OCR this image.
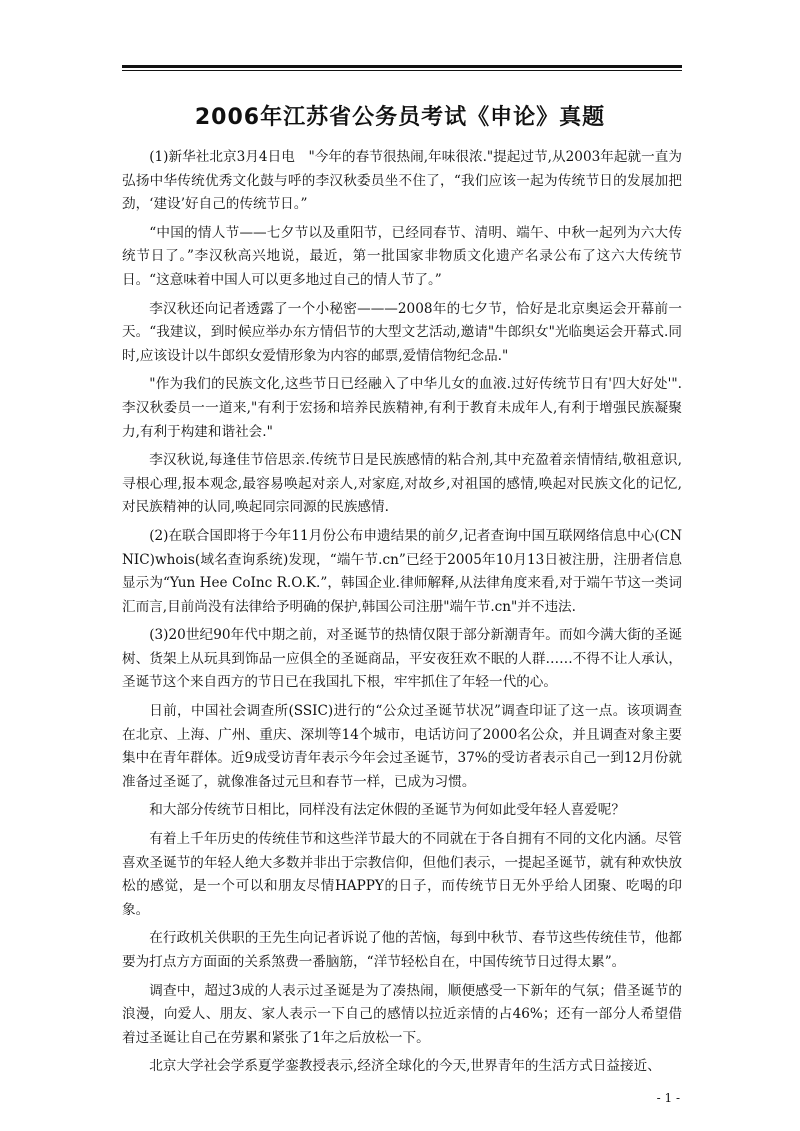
2006年江苏省公务员考试《申论》真题

(1)新华社北京3月4日电　"今年的春节很热闹,年味很浓."提起过节,从2003年起就一直为弘扬中华传统优秀文化鼓与呼的李汉秋委员坐不住了，“我们应该一起为传统节日的发展加把劲，‘建设’好自己的传统节日。”

“中国的情人节——七夕节以及重阳节，已经同春节、清明、端午、中秋一起列为六大传统节日了。”李汉秋高兴地说，最近，第一批国家非物质文化遗产名录公布了这六大传统节日。“这意味着中国人可以更多地过自己的情人节了。”

李汉秋还向记者透露了一个小秘密———2008年的七夕节，恰好是北京奥运会开幕前一天。“我建议，到时候应举办东方情侣节的大型文艺活动,邀请"牛郎织女"光临奥运会开幕式.同时,应该设计以牛郎织女爱情形象为内容的邮票,爱情信物纪念品."

"作为我们的民族文化,这些节日已经融入了中华儿女的血液.过好传统节日有'四大好处'".李汉秋委员一一道来,"有利于宏扬和培养民族精神,有利于教育未成年人,有利于增强民族凝聚力,有利于构建和谐社会."

李汉秋说,每逢佳节倍思亲.传统节日是民族感情的粘合剂,其中充盈着亲情情结,敬祖意识,寻根心理,报本观念,最容易唤起对亲人,对家庭,对故乡,对祖国的感情,唤起对民族文化的记忆,对民族精神的认同,唤起同宗同源的民族感情.

(2)在联合国即将于今年11月份公布申遗结果的前夕,记者查询中国互联网络信息中心(CNNIC)whois(域名查询系统)发现，“端午节.cn”已经于2005年10月13日被注册，注册者信息显示为“Yun Hee CoInc R.O.K.”，韩国企业.律师解释,从法律角度来看,对于端午节这一类词汇而言,目前尚没有法律给予明确的保护,韩国公司注册"端午节.cn"并不违法.

(3)20世纪90年代中期之前，对圣诞节的热情仅限于部分新潮青年。而如今满大街的圣诞树、货架上从玩具到饰品一应俱全的圣诞商品，平安夜狂欢不眠的人群……不得不让人承认，圣诞节这个来自西方的节日已在我国扎下根，牢牢抓住了年轻一代的心。

日前，中国社会调查所(SSIC)进行的“公众过圣诞节状况”调查印证了这一点。该项调查在北京、上海、广州、重庆、深圳等14个城市，电话访问了2000名公众，并且调查对象主要集中在青年群体。近9成受访青年表示今年会过圣诞节，37%的受访者表示自己一到12月份就准备过圣诞了，就像准备过元旦和春节一样，已成为习惯。

和大部分传统节日相比，同样没有法定休假的圣诞节为何如此受年轻人喜爱呢？

有着上千年历史的传统佳节和这些洋节最大的不同就在于各自拥有不同的文化内涵。尽管喜欢圣诞节的年轻人绝大多数并非出于宗教信仰，但他们表示，一提起圣诞节，就有种欢快放松的感觉，是一个可以和朋友尽情HAPPY的日子，而传统节日无外乎给人团聚、吃喝的印象。

在行政机关供职的王先生向记者诉说了他的苦恼，每到中秋节、春节这些传统佳节，他都要为打点方方面面的关系煞费一番脑筋，“洋节轻松自在，中国传统节日过得太累”。

调查中，超过3成的人表示过圣诞是为了凑热闹，顺便感受一下新年的气氛；借圣诞节的浪漫，向爱人、朋友、家人表示一下自己的感情以拉近亲情的占46%；还有一部分人希望借着过圣诞让自己在劳累和紧张了1年之后放松一下。

北京大学社会学系夏学銮教授表示,经济全球化的今天,世界青年的生活方式日益接近、

- 1 -
